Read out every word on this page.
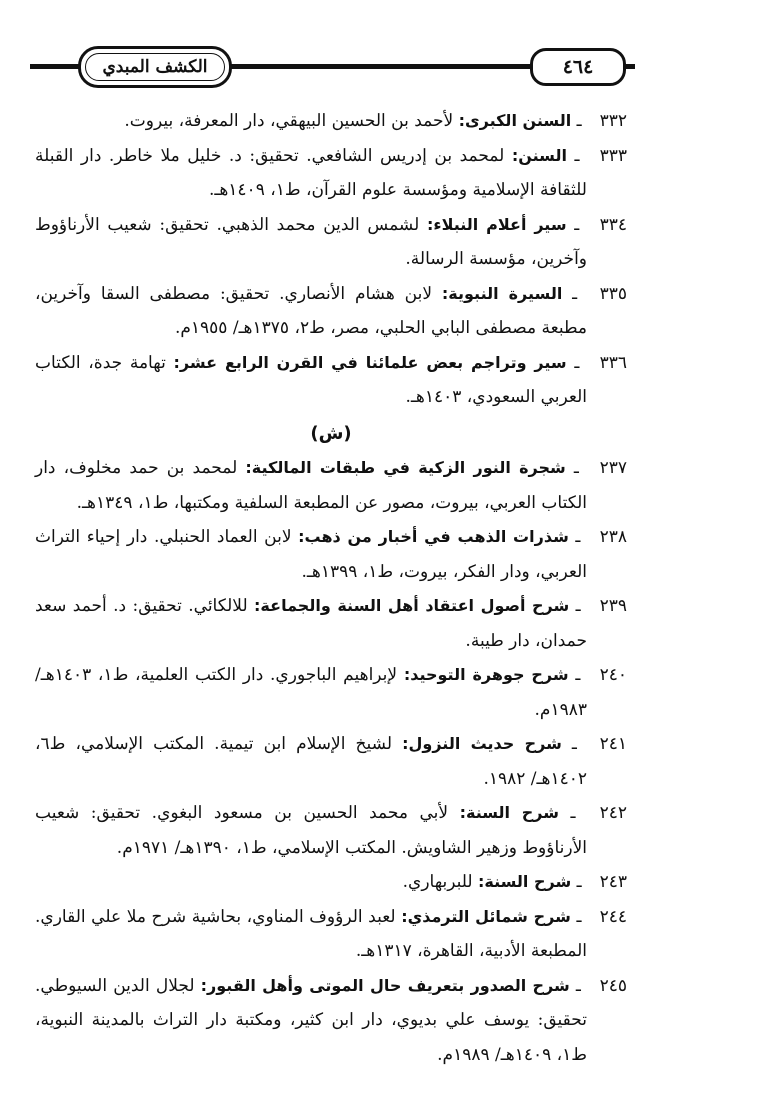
الكشف المبدي	٤٦٤

٣٣٢ ـ السنن الكبرى: لأحمد بن الحسين البيهقي، دار المعرفة، بيروت.

٣٣٣ ـ السنن: لمحمد بن إدريس الشافعي. تحقيق: د. خليل ملا خاطر. دار القبلة للثقافة الإسلامية ومؤسسة علوم القرآن، ط١، ١٤٠٩هـ.

٣٣٤ ـ سير أعلام النبلاء: لشمس الدين محمد الذهبي. تحقيق: شعيب الأرناؤوط وآخرين، مؤسسة الرسالة.

٣٣٥ ـ السيرة النبوية: لابن هشام الأنصاري. تحقيق: مصطفى السقا وآخرين، مطبعة مصطفى البابي الحلبي، مصر، ط٢، ١٣٧٥هـ/ ١٩٥٥م.

٣٣٦ ـ سير وتراجم بعض علمائنا في القرن الرابع عشر: تهامة جدة، الكتاب العربي السعودي، ١٤٠٣هـ.

(ش)

٢٣٧ ـ شجرة النور الزكية في طبقات المالكية: لمحمد بن حمد مخلوف، دار الكتاب العربي، بيروت، مصور عن المطبعة السلفية ومكتبها، ط١، ١٣٤٩هـ.

٢٣٨ ـ شذرات الذهب في أخبار من ذهب: لابن العماد الحنبلي. دار إحياء التراث العربي، ودار الفكر، بيروت، ط١، ١٣٩٩هـ.

٢٣٩ ـ شرح أصول اعتقاد أهل السنة والجماعة: للالكائي. تحقيق: د. أحمد سعد حمدان، دار طيبة.

٢٤٠ ـ شرح جوهرة التوحيد: لإبراهيم الباجوري. دار الكتب العلمية، ط١، ١٤٠٣هـ/ ١٩٨٣م.

٢٤١ ـ شرح حديث النزول: لشيخ الإسلام ابن تيمية. المكتب الإسلامي، ط٦، ١٤٠٢هـ/ ١٩٨٢.

٢٤٢ ـ شرح السنة: لأبي محمد الحسين بن مسعود البغوي. تحقيق: شعيب الأرناؤوط وزهير الشاويش. المكتب الإسلامي، ط١، ١٣٩٠هـ/ ١٩٧١م.

٢٤٣ ـ شرح السنة: للبربهاري.

٢٤٤ ـ شرح شمائل الترمذي: لعبد الرؤوف المناوي، بحاشية شرح ملا علي القاري. المطبعة الأدبية، القاهرة، ١٣١٧هـ.

٢٤٥ ـ شرح الصدور بتعريف حال الموتى وأهل القبور: لجلال الدين السيوطي. تحقيق: يوسف علي بديوي، دار ابن كثير، ومكتبة دار التراث بالمدينة النبوية، ط١، ١٤٠٩هـ/ ١٩٨٩م.
